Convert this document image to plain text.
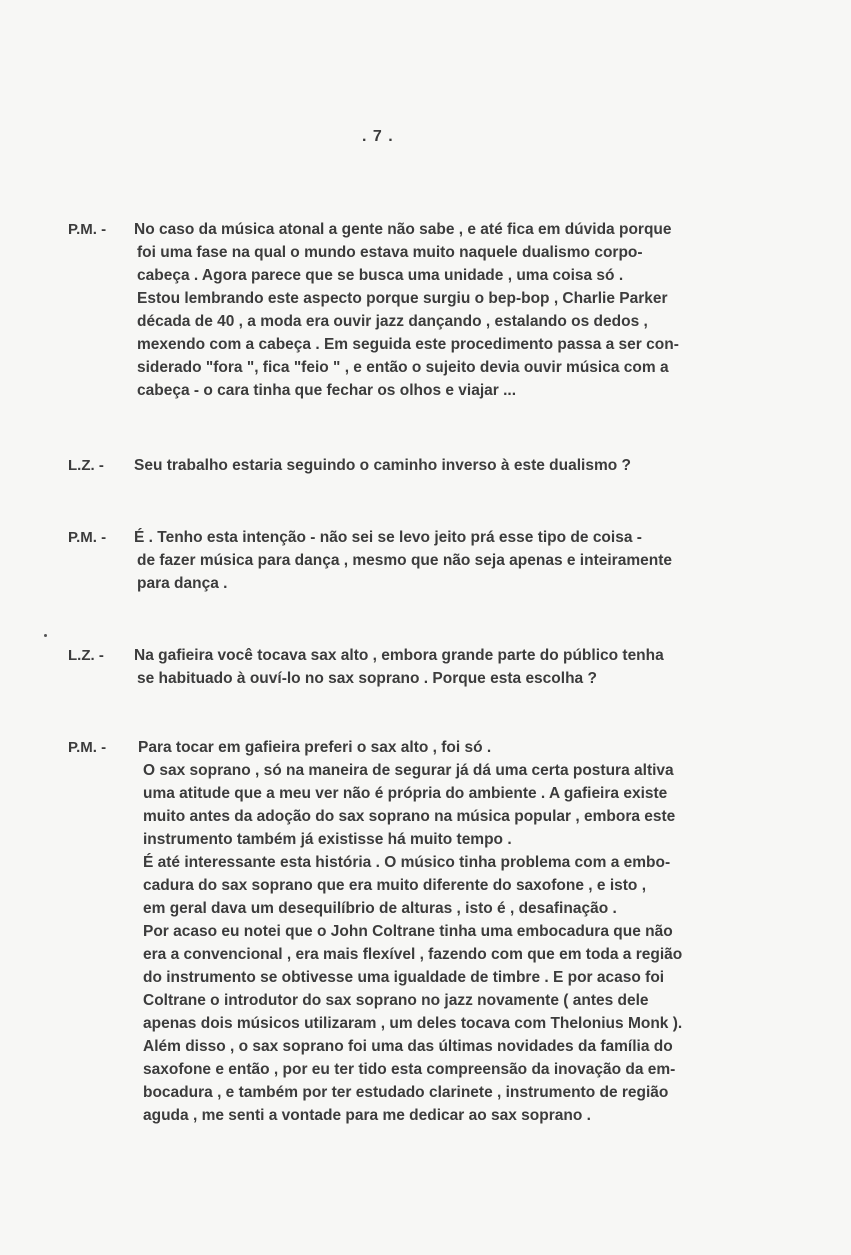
. 7 .
P.M. - No caso da música atonal a gente não sabe , e até fica em dúvida porque
foi uma fase na qual o mundo estava muito naquele dualismo corpo-
cabeça . Agora parece que se busca uma unidade , uma coisa só .
Estou lembrando este aspecto porque surgiu o bep-bop , Charlie Parker
década de 40 , a moda era ouvir jazz dançando , estalando os dedos ,
mexendo com a cabeça . Em seguida este procedimento passa a ser con-
siderado "fora ", fica "feio " , e então o sujeito devia ouvir música com a
cabeça - o cara tinha que fechar os olhos e viajar ...
L.Z. - Seu trabalho estaria seguindo o caminho inverso à este dualismo ?
P.M. - É . Tenho esta intenção - não sei se levo jeito prá esse tipo de coisa -
de fazer música para dança , mesmo que não seja apenas e inteiramente
para dança .
L.Z. - Na gafieira você tocava sax alto , embora grande parte do público tenha
se habituado à ouví-lo no sax soprano . Porque esta escolha ?
P.M. - Para tocar em gafieira preferi o sax alto , foi só .
O sax soprano , só na maneira de segurar já dá uma certa postura altiva
uma atitude que a meu ver não é própria do ambiente . A gafieira existe
muito antes da adoção do sax soprano na música popular , embora este
instrumento também já existisse há muito tempo .
É até interessante esta história . O músico tinha problema com a embo-
cadura do sax soprano que era muito diferente do saxofone , e isto ,
em geral dava um desequilíbrio de alturas , isto é , desafinação .
Por acaso eu notei que o John Coltrane tinha uma embocadura que não
era a convencional , era mais flexível , fazendo com que em toda a região
do instrumento se obtivesse uma igualdade de timbre . E por acaso foi
Coltrane o introdutor do sax soprano no jazz novamente ( antes dele
apenas dois músicos utilizaram , um deles tocava com Thelonius Monk ).
Além disso , o sax soprano foi uma das últimas novidades da família do
saxofone e então , por eu ter tido esta compreensão da inovação da em-
bocadura , e também por ter estudado clarinete , instrumento de região
aguda , me senti a vontade para me dedicar ao sax soprano .
